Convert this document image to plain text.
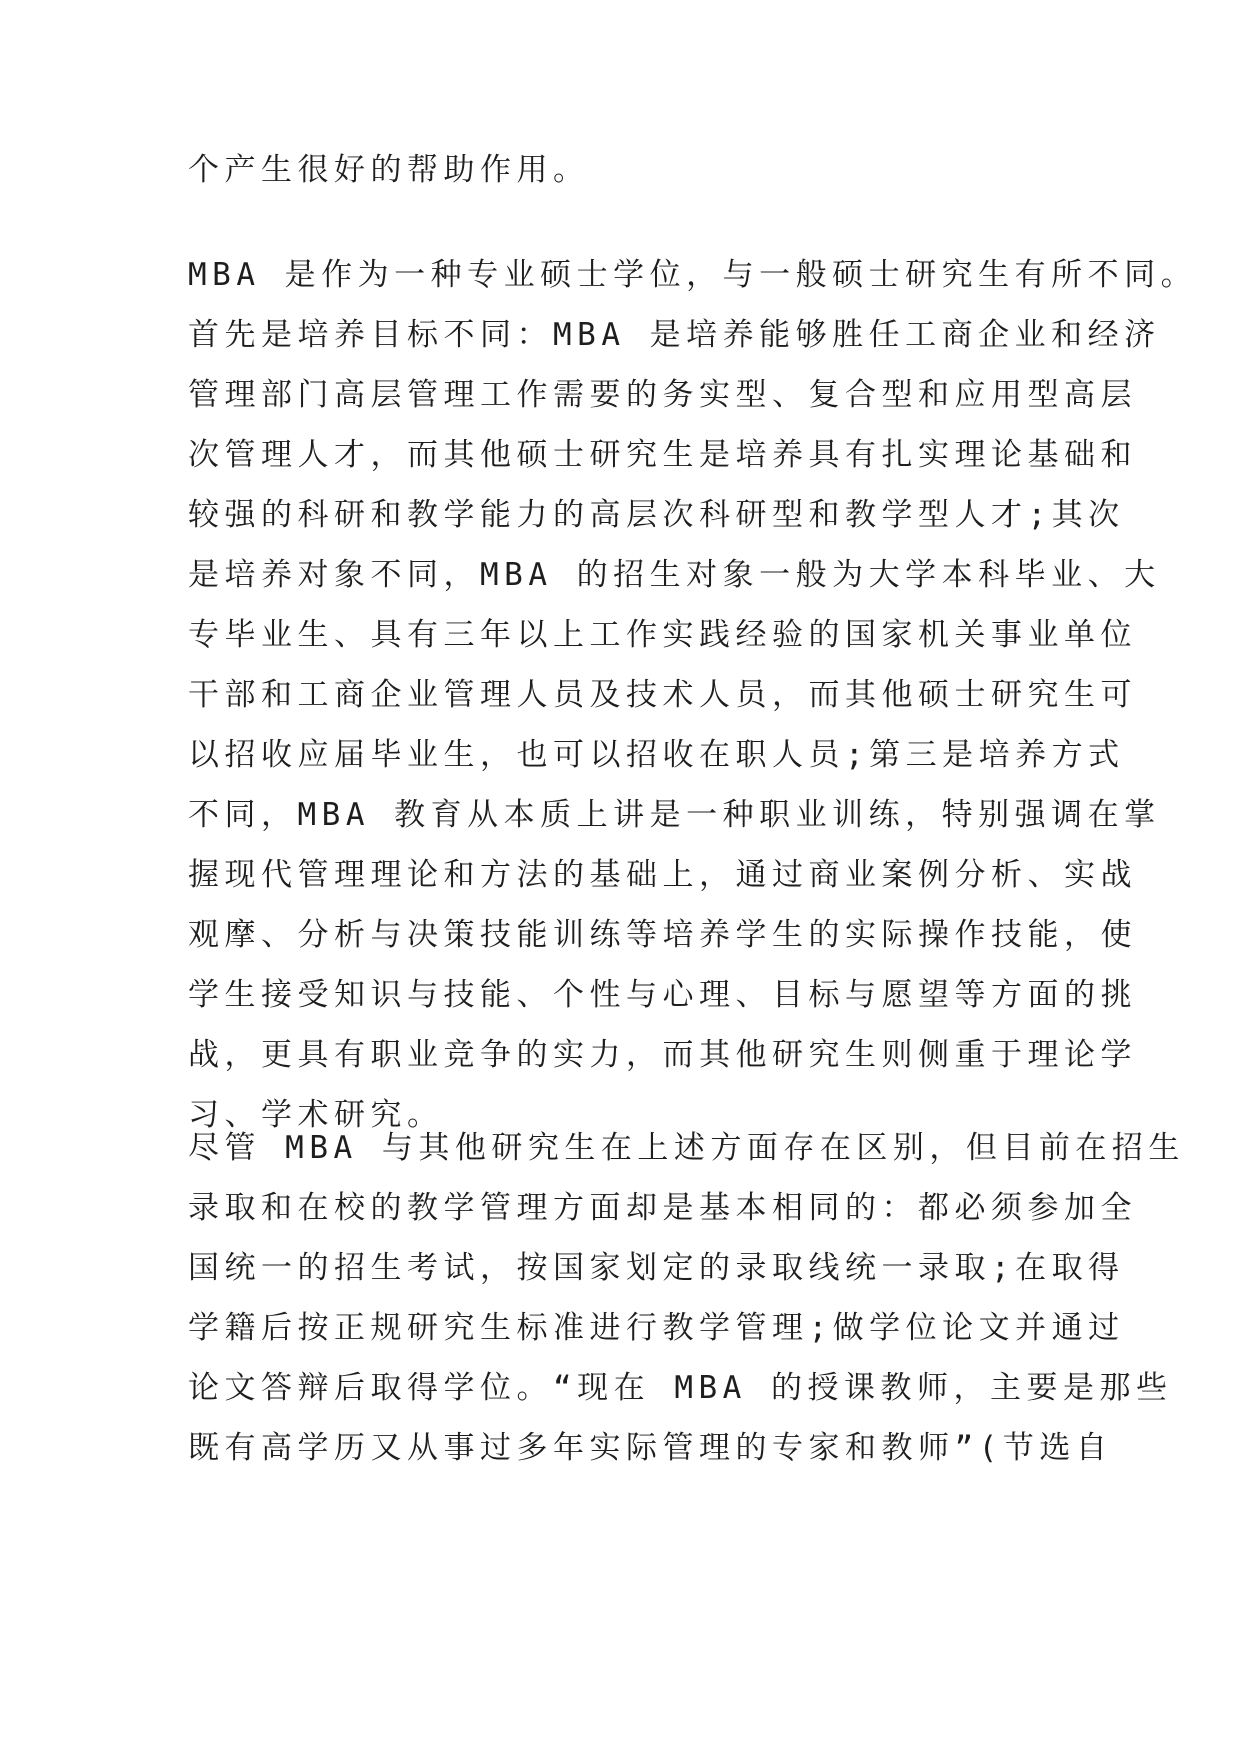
个产生很好的帮助作用。
MBA 是作为一种专业硕士学位，与一般硕士研究生有所不同。
首先是培养目标不同：MBA 是培养能够胜任工商企业和经济
管理部门高层管理工作需要的务实型、复合型和应用型高层
次管理人才，而其他硕士研究生是培养具有扎实理论基础和
较强的科研和教学能力的高层次科研型和教学型人才;其次
是培养对象不同，MBA 的招生对象一般为大学本科毕业、大
专毕业生、具有三年以上工作实践经验的国家机关事业单位
干部和工商企业管理人员及技术人员，而其他硕士研究生可
以招收应届毕业生，也可以招收在职人员;第三是培养方式
不同，MBA 教育从本质上讲是一种职业训练，特别强调在掌
握现代管理理论和方法的基础上，通过商业案例分析、实战
观摩、分析与决策技能训练等培养学生的实际操作技能，使
学生接受知识与技能、个性与心理、目标与愿望等方面的挑
战，更具有职业竞争的实力，而其他研究生则侧重于理论学
习、学术研究。
尽管 MBA 与其他研究生在上述方面存在区别，但目前在招生
录取和在校的教学管理方面却是基本相同的：都必须参加全
国统一的招生考试，按国家划定的录取线统一录取;在取得
学籍后按正规研究生标准进行教学管理;做学位论文并通过
论文答辩后取得学位。“现在 MBA 的授课教师，主要是那些
既有高学历又从事过多年实际管理的专家和教师”(节选自
